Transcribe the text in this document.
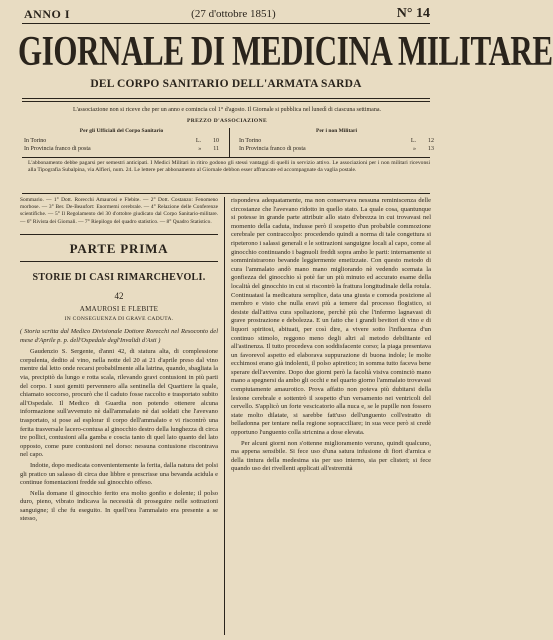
ANNO I	(27 d'ottobre 1851)	N° 14
GIORNALE DI MEDICINA MILITARE
DEL CORPO SANITARIO DELL'ARMATA SARDA
L'associazione non si riceve che per un anno e comincia col 1° d'agosto. Il Giornale si pubblica nel lunedì di ciascuna settimana.
PREZZO D'ASSOCIAZIONE
Per gli Ufficiali del Corpo Sanitario
In Torino	L. 10
In Provincia franco di posta	» 11
Per i non Militari
In Torino	L. 12
In Provincia franco di posta	» 13
L'abbonamento debbe pagarsi per semestri anticipati. I Medici Militari in ritiro godono gli stessi vantaggi di quelli in servizio attivo. Le associazioni per i non militari ricevonsi alla Tipografia Subalpina, via Alfieri, num. 24. Le lettere per abbonamento al Giornale debbon esser affrancate ed accompagnate da vaglia postale.

Sommario. — 1° Dott. Rorecchi Amaurosi e Flebite. — 2° Dott. Costanzo: Fenomeno morbose. — 3° Ber. De-Beaufort: Enormemi cerebrale. — 4° Relazione delle Conferenze scientifiche. — 5° Il Regolamento del 30 d'ottobre giudicato dal Corpo Sanitario-militare. — 6° Rivista dei Giornali. — 7° Riepilogo del quadro statistico. — 8° Quadro Statistico.

PARTE PRIMA
STORIE DI CASI RIMARCHEVOLI.
42

AMAUROSI E FLEBITE

IN CONSEGUENZA DI GRAVE CADUTA.

( Storia scritta dal Medico Divisionale Dottore Rorecchi nel Resoconto del mese d'Aprile p. p. dell'Ospedale degl'Invalidi d'Asti )

Gaudenzio S. Sergente, d'anni 42, di statura alta, di complessione corpulenta, dedito al vino, nella notte del 20 ai 21 d'aprile preso dal vino mentre dal letto onde recarsi probabilmente alla latrina, quando, sbagliata la via, precipitò da lungo e rotta scala, rilevando gravi contusioni in più parti del corpo. I suoi gemiti pervennero alla sentinella del Quartiere la quale, chiamato soccorso, procurò che il caduto fosse raccolto e trasportato subito all'Ospedale. Il Medico di Guardia non potendo ottenere alcuna informazione sull'avvenuto nè dall'ammalato nè dai soldati che l'avevano trasportato, si pose ad esplorar il corpo dell'ammalato e vi riscontrò una ferita trasversale lacero-contusa al ginocchio destro della lunghezza di circa tre pollici, contusioni alla gamba e coscia tanto di quel lato quanto del lato opposto, come pure contusioni nel dorso: nessuna contusione riscontrava nel capo.

Indotte, dopo medicata convenientemente la ferita, dalla natura dei polsi gli pratico un salasso di circa due libbre e prescrisse una bevanda acidula e continue fomentazioni fredde sul ginocchio offeso.

Nella domane il ginocchio ferito era molto gonfio e dolente; il polso duro, pieno, vibrato indicava la necessità di proseguire nelle sottrazioni sanguigne; il che fu eseguito. In quell'ora l'ammalato era presente a se stesso,

rispondeva adequatamente, ma non conservava nessuna reminiscenza delle circostanze che l'avevano ridotto in quello stato. La quale cosa, quantunque si potesse in grande parte attribuir allo stato d'ebrezza in cui trovavasi nel momento della caduta, indusse però il sospetto d'un probabile commozione cerebrale per contraccolpo: procedendo quindi a norma di tale congettura si ripeterono i salassi generali e le sottrazioni sanguigne locali al capo, come al ginocchio continuando i bagnuoli freddi sopra ambo le parti: internamente si somministrarono bevande leggiermente emetizzate. Con questo metodo di cura l'ammalato andò mano mano migliorando nè vedendo scemata la gonfiezza del ginocchio sì potè far un più minuto ed accurato esame della località del ginocchio in cui si riscontrò la frattura longitudinale della rotula. Continuatasi la medicatura semplice, data una giusta e comoda posizione al membro e visto che nulla eravi più a temere dal processo flogistico, si desiste dall'attiva cura spoliazione, perchè più che l'infermo lagnavasi di grave prostrazione e debolezza. E un fatto che i grandi bevitori di vino e di liquori spiritosi, abituati, per così dire, a vivere sotto l'influenza d'un continuo stimolo, reggono meno degli altri al metodo debilitante ed all'astinenza. Il tutto procedeva con soddisfacente corso; la piaga presentava un favorevol aspetto ed elaborava suppurazione di buona indole; le molte ecchimosi erano già indolenti, il polso apiretico; in somma tutto faceva bene sperare dell'avvenire. Dopo due giorni però la facoltà visiva cominciò mano mano a spegnersi da ambo gli occhi e nel quarto giorno l'ammalato trovavasi compiutamente amaurotico. Prova affatto non poteva più dubitarsi della lesione cerebrale e sottentrò il sospetto d'un versamento nei ventricoli del cervello. S'applicò un forte vescicatorio alla nuca e, se le pupille non fossero state molto dilatate, si sarebbe fatt'uso dell'unguento coll'estratto di belladonna per tentare nella regione sopracciliare; in sua vece però si credè opportuno l'unguento colla stricnina a dose elevata.

Per alcuni giorni non s'ottenne miglioramento veruno, quindi qualcuno, ma appena sensibile. Si fece uso d'una satura infusione di fiori d'arnica e della tintura della medesima sia per uso interno, sia per clisteri; si fece quando uso dei rivellenti applicati all'estremità
